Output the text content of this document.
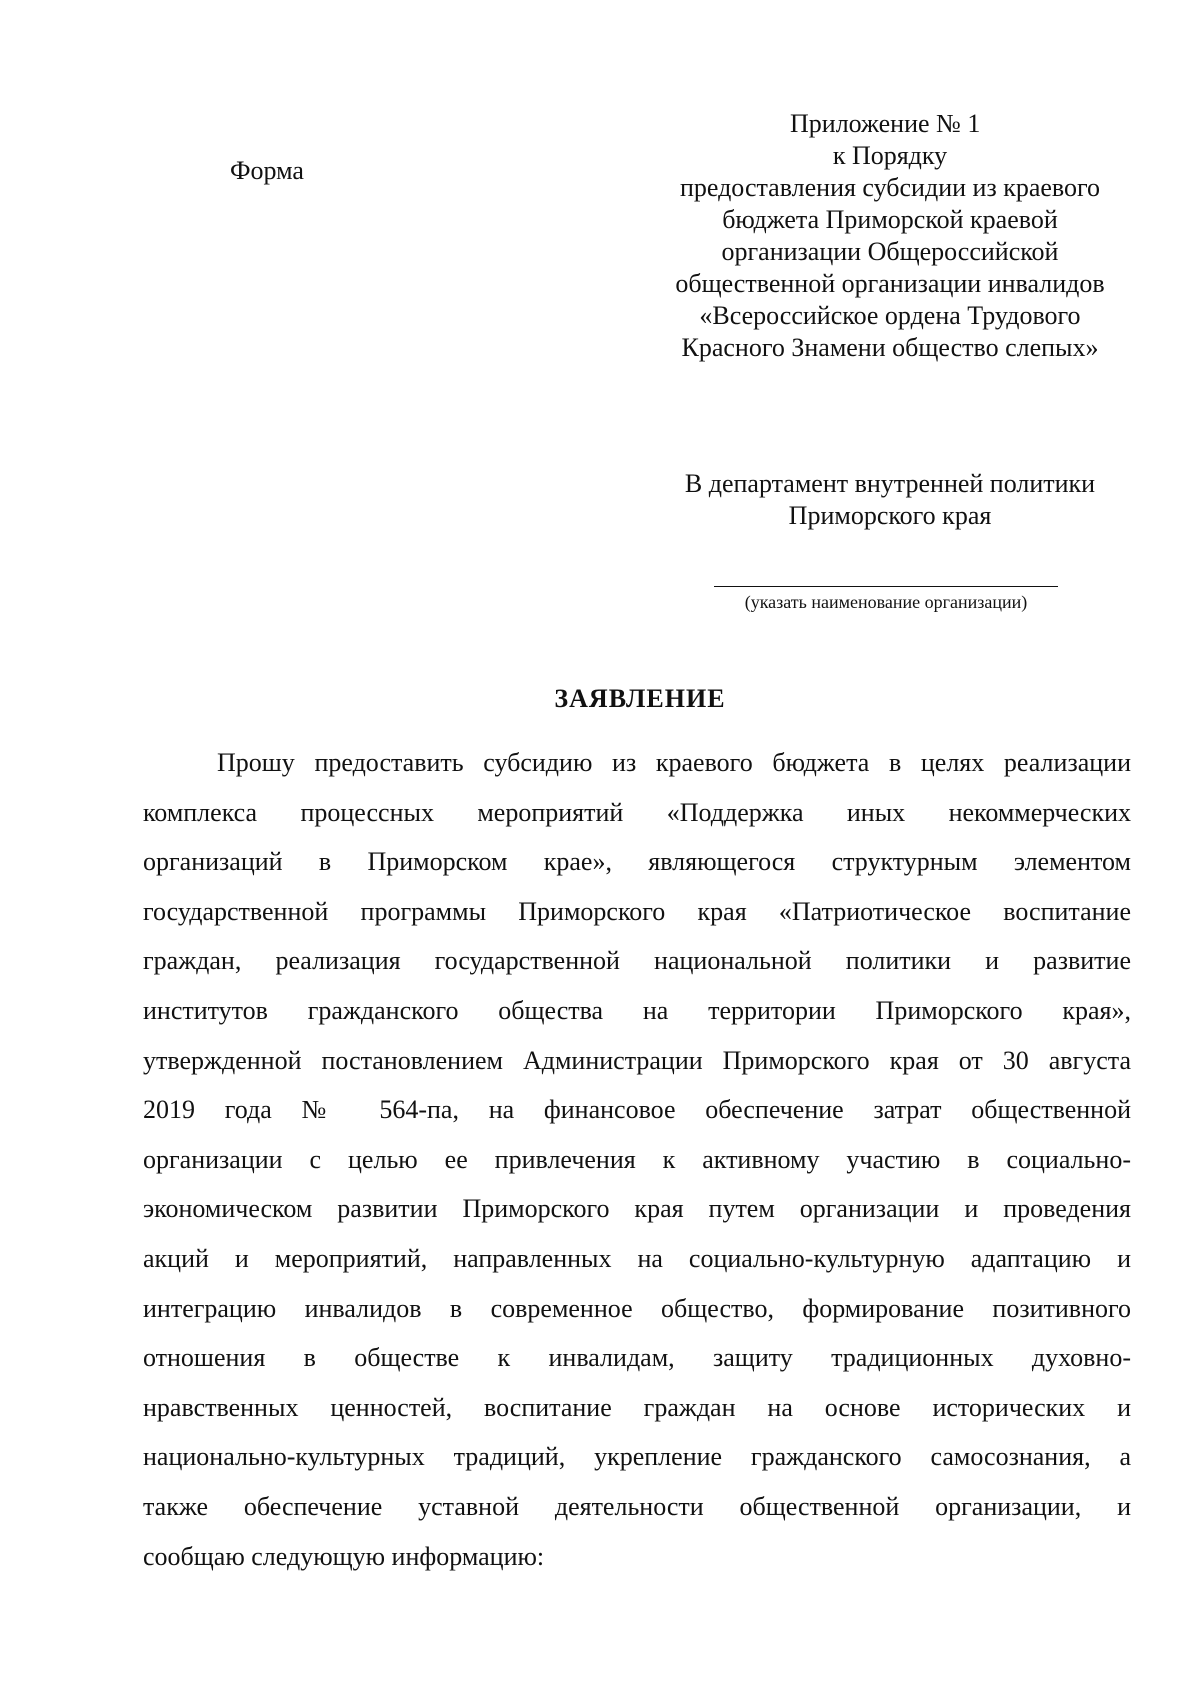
Приложение № 1
Форма
к Порядку
предоставления субсидии из краевого
бюджета Приморской краевой
организации Общероссийской
общественной организации инвалидов
«Всероссийское ордена Трудового
Красного Знамени общество слепых»
В департамент внутренней политики
Приморского края
(указать наименование организации)
ЗАЯВЛЕНИЕ
Прошу предоставить субсидию из краевого бюджета в целях реализации
комплекса процессных мероприятий «Поддержка иных некоммерческих
организаций в Приморском крае», являющегося структурным элементом
государственной программы Приморского края «Патриотическое воспитание
граждан, реализация государственной национальной политики и развитие
институтов гражданского общества на территории Приморского края»,
утвержденной постановлением Администрации Приморского края от 30 августа
2019 года № 564-па, на финансовое обеспечение затрат общественной
организации с целью ее привлечения к активному участию в социально-
экономическом развитии Приморского края путем организации и проведения
акций и мероприятий, направленных на социально-культурную адаптацию и
интеграцию инвалидов в современное общество, формирование позитивного
отношения в обществе к инвалидам, защиту традиционных духовно-
нравственных ценностей, воспитание граждан на основе исторических и
национально-культурных традиций, укрепление гражданского самосознания, а
также обеспечение уставной деятельности общественной организации, и
сообщаю следующую информацию:
